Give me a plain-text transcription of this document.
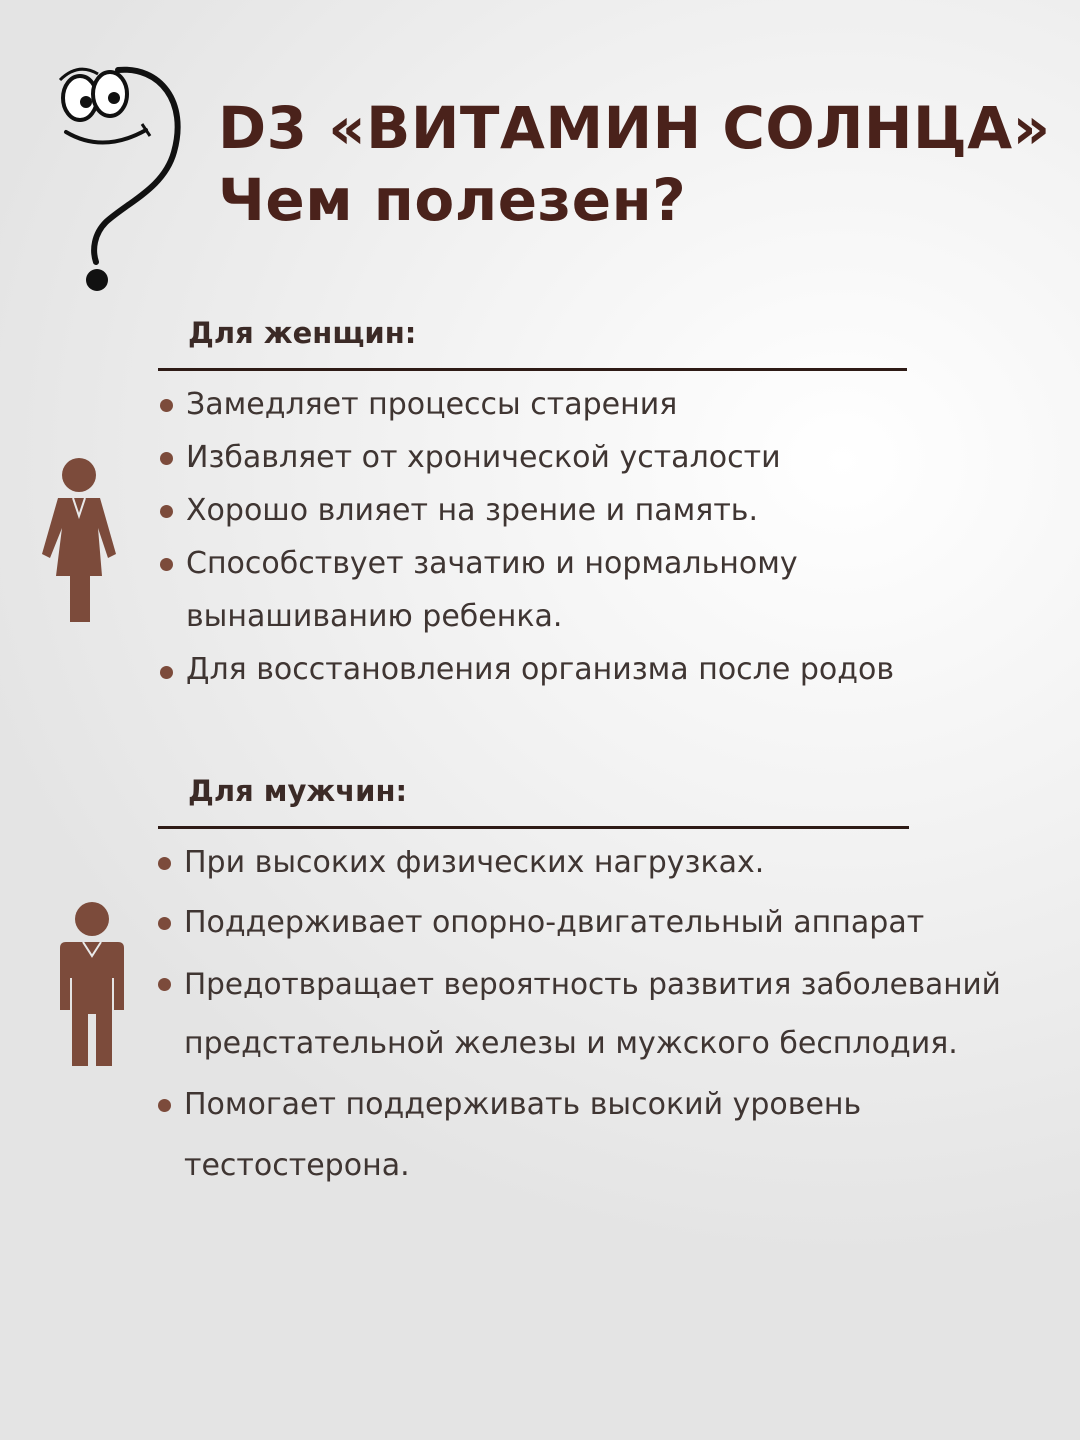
D3 «ВИТАМИН СОЛНЦА»
Чем полезен?
Для женщин:
Замедляет процессы старения
Избавляет от хронической усталости
Хорошо влияет на зрение и память.
Способствует зачатию и нормальному
вынашиванию ребенка.
Для восстановления организма после родов
Для мужчин:
При высоких физических нагрузках.
Поддерживает опорно-двигательный аппарат
Предотвращает вероятность развития заболеваний
предстательной железы и мужского бесплодия.
Помогает поддерживать высокий уровень
тестостерона.
